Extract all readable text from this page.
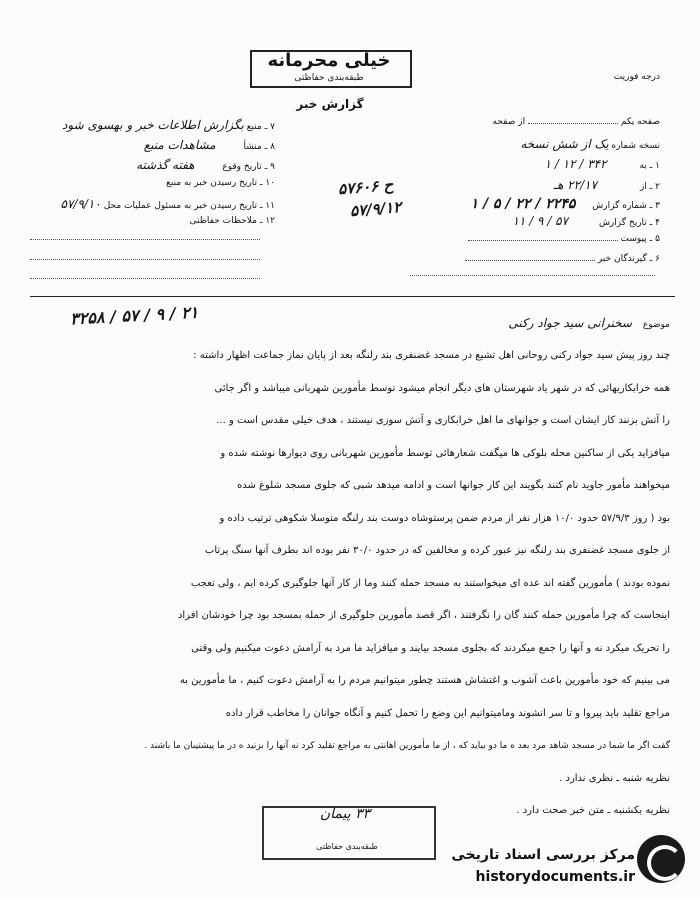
خیلی محرمانه
طبقه‌بندی حفاظتی
گزارش خبر
درجه فوریت
صفحه یکم  از صفحه
نسخه شماره یک از شش نسخه
۱ ـ به ۳۴۲ / ۱۲ / ۱
۲ ـ از ۲۲/۱۷ هـ
۳ ـ شماره گزارش ۲۲۴۵ / ۲۲ / ۵ / ۱
۴ ـ تاریخ گزارش ۵۷ / ۹ / ۱۱
۵ ـ پیوست
۶ ـ گیرندگان خبر
۷ ـ منبع بگزارش اطلاعات خبر و بهسوی شود
۸ ـ منشأ مشاهدات منبع
۹ ـ تاریخ وقوع هفته گذشته
۱۰ ـ تاریخ رسیدن خبر به منبع
۱۱ ـ تاریخ رسیدن خبر به مسئول عملیات محل ۵۷/۹/۱۰
۱۲ ـ ملاحظات حفاظتی
۵۷۶۰۶ ح
۵۷/۹/۱۲
موضوع سخنرانی سید جواد رکنی
۳۲۵۸ / ۵۷ / ۹ / ۲۱

چند روز پیش سید جواد رکنی روحانی اهل تشیع در مسجد غضنفری بند رلنگه بعد از پایان نماز جماعت اظهار داشته :

همه خرابکاریهائی که در شهر یاد شهرستان های دیگر انجام میشود توسط مأمورین شهربانی میباشد و اگر جائی

را آتش بزنند کار ایشان است و جوانهای ما اهل خرابکاری و آتش سوزی نیستند ، هدف خیلی مقدس است و ...

میافزاید یکی از ساکنین محله بلوکی ها میگفت شعارهائی توسط مأمورین شهربانی روی دیوارها نوشته شده و

میخواهند مأمور جاوید نام کنند بگویند این کار جوانها است و ادامه میدهد شبی که جلوی مسجد شلوغ شده

بود ( روز ۵۷/۹/۳ حدود ۱۰/۰ هزار نفر از مردم ضمن پرستوشاه دوست بند رلنگه متوسلا شکوهی ترتیب داده و

از جلوی مسجد غضنفری بند رلنگه نیز عبور کرده و مخالفین که در حدود ۳۰/۰ نفر بوده اند بطرف آنها سنگ پرتاب

نموده بودند ) مأمورین گفته اند عده ای میخواستند به مسجد حمله کنند وما از کار آنها جلوگیری کرده ایم ، ولی تعجب

اینجاست که چرا مأمورین حمله کنند گان را نگرفتند ، اگر قصد مأمورین جلوگیری از حمله بمسجد بود چرا خودشان افراد

را تحریک میکرد نه و آنها را جمع میکردند که بجلوی مسجد بیایند و میافزاید ما مرد به آرامش دعوت میکنیم ولی وقتی

می بینیم که خود مأمورین باعث آشوب و اغتشاش هستند چطور میتوانیم مردم را به آرامش دعوت کنیم ، ما مأمورین به

مراجع تقلید باید پیروا و تا سر انشوند ومامیتوانیم این وضع را تحمل کنیم و آنگاه جوانان را مخاطب قرار داده

گفت اگر ما شما در مسجد شاهد مرد بعد ه ما دو بیاید که ، از ما مأمورین اهانتی به مراجع تقلید کرد نه آنها را بزنید ه در ما پیشتیبان ما باشند .

نظریه شنبه ـ نظری ندارد .

نظریه یکشنبه ـ متن خبر صحت دارد .

۳۳ پیمان
طبقه‌بندی حفاظتی
مرکز بررسی اسناد تاریخی
historydocuments.ir
